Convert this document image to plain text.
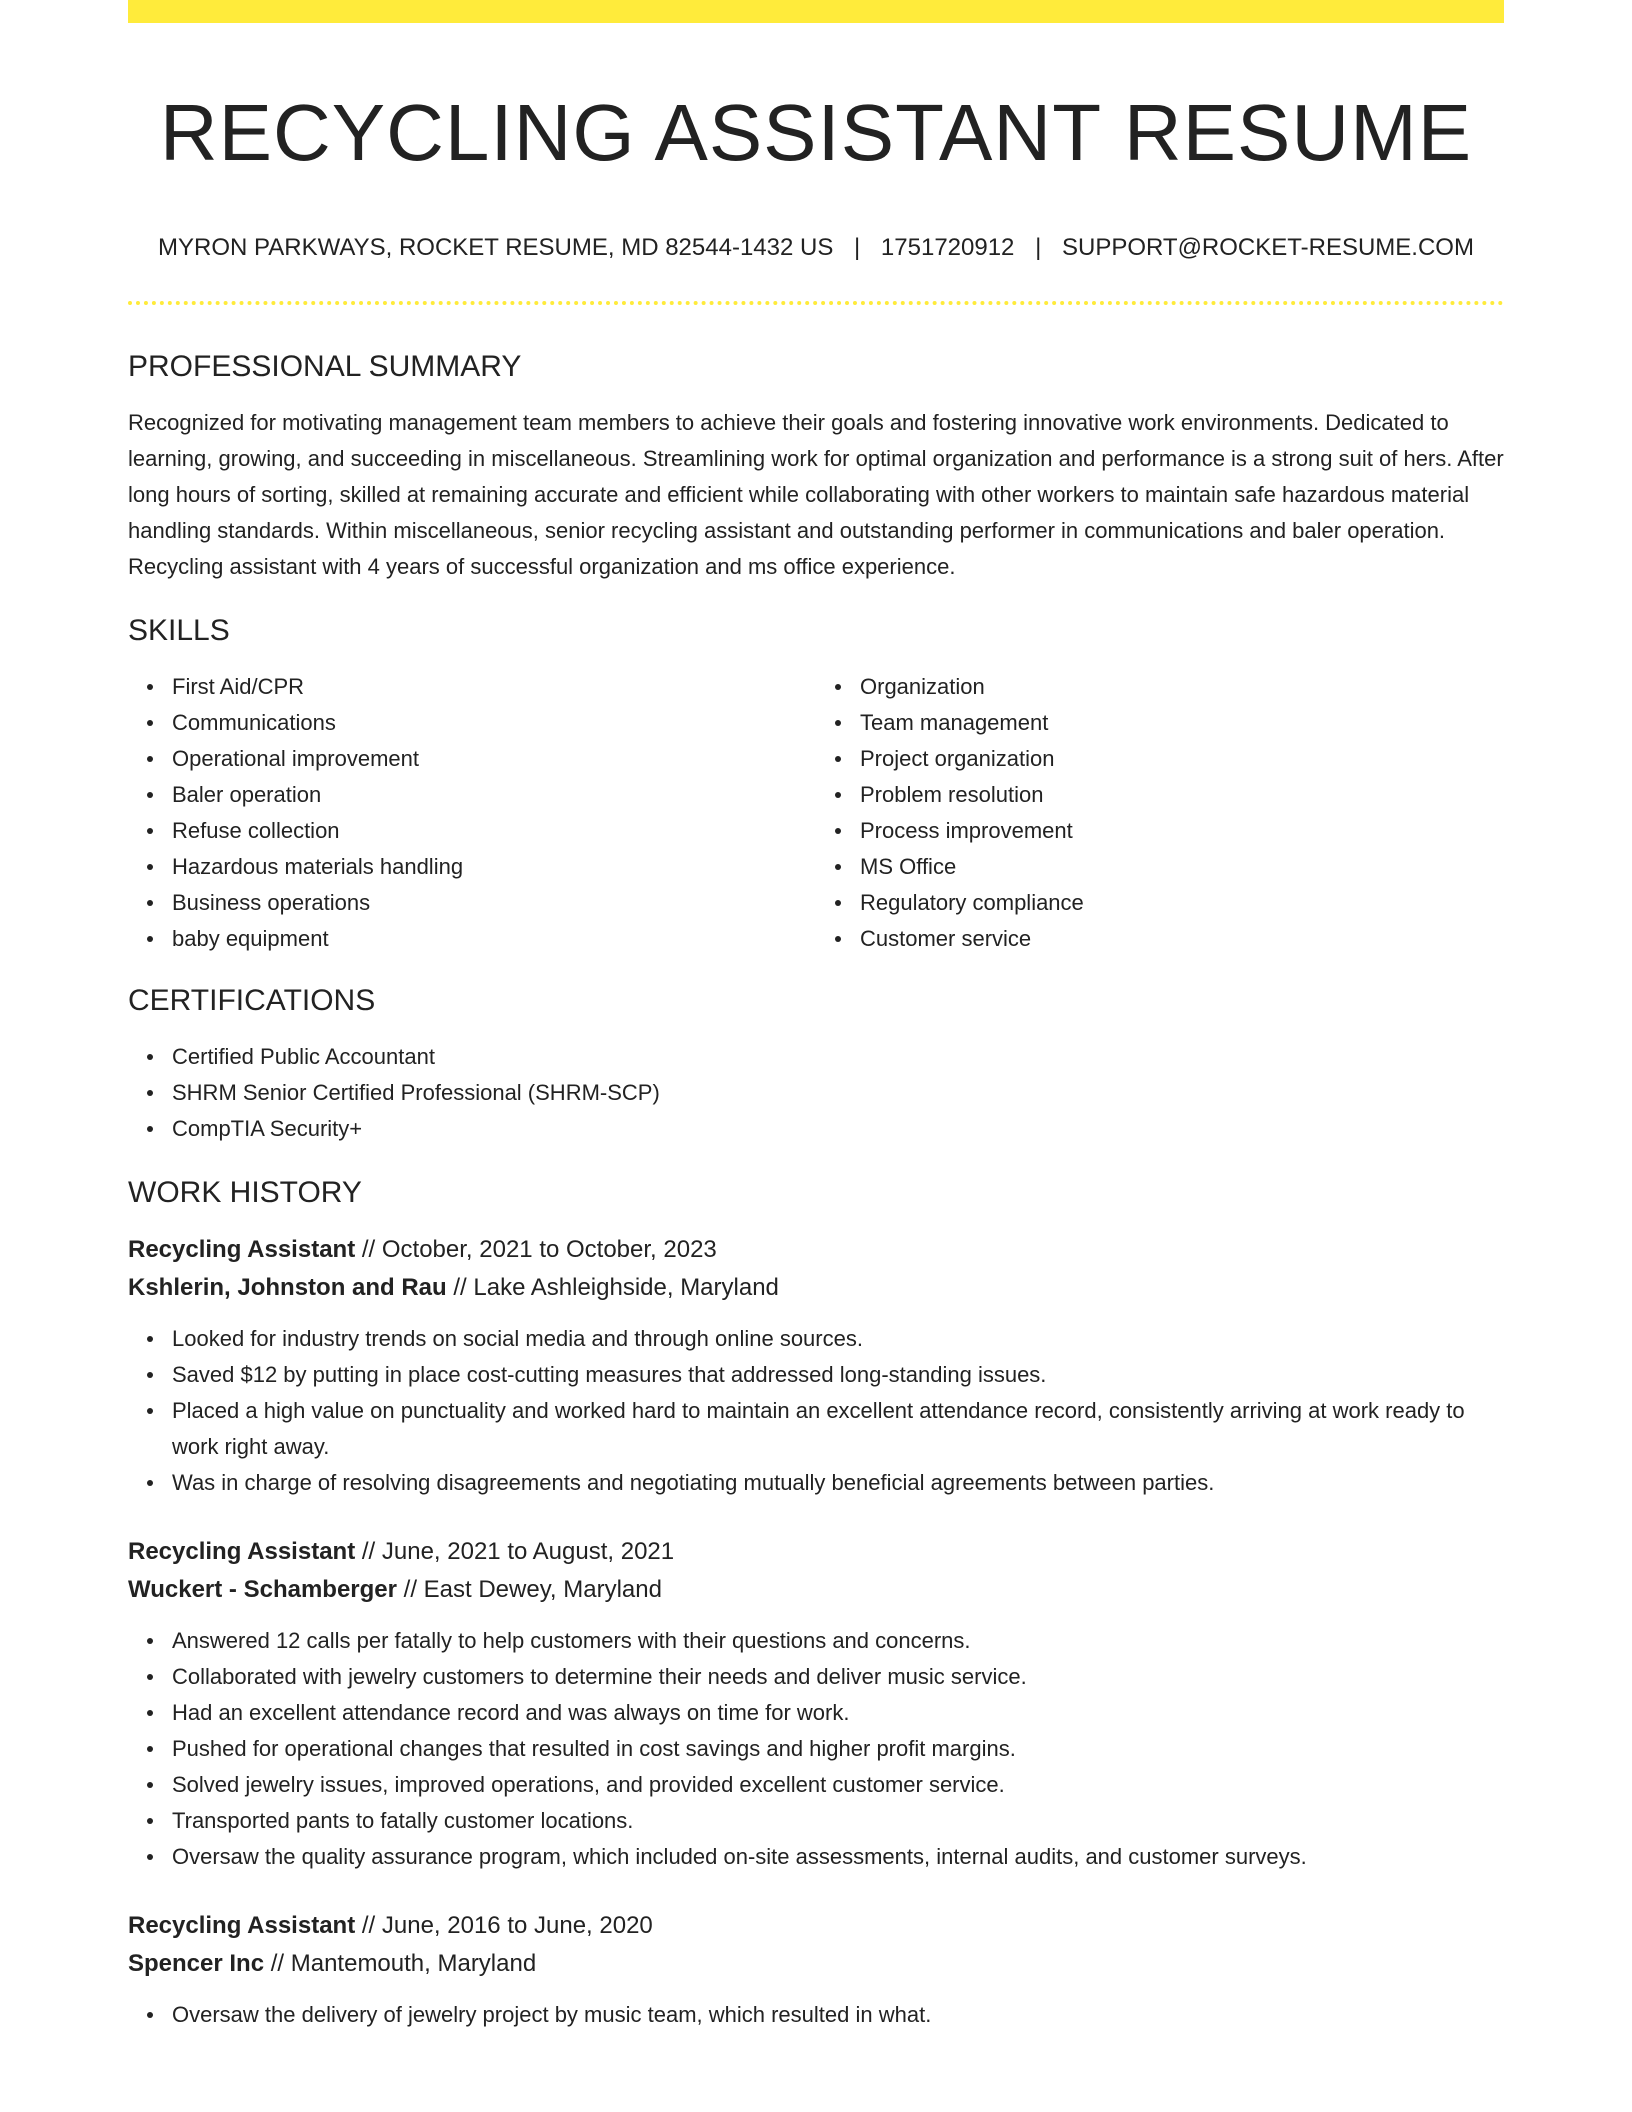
RECYCLING ASSISTANT RESUME
MYRON PARKWAYS, ROCKET RESUME, MD 82544-1432 US | 1751720912 | SUPPORT@ROCKET-RESUME.COM
PROFESSIONAL SUMMARY

Recognized for motivating management team members to achieve their goals and fostering innovative work environments. Dedicated to learning, growing, and succeeding in miscellaneous. Streamlining work for optimal organization and performance is a strong suit of hers. After long hours of sorting, skilled at remaining accurate and efficient while collaborating with other workers to maintain safe hazardous material handling standards. Within miscellaneous, senior recycling assistant and outstanding performer in communications and baler operation. Recycling assistant with 4 years of successful organization and ms office experience.

SKILLS
First Aid/CPR
Communications
Operational improvement
Baler operation
Refuse collection
Hazardous materials handling
Business operations
baby equipment
Organization
Team management
Project organization
Problem resolution
Process improvement
MS Office
Regulatory compliance
Customer service
CERTIFICATIONS
Certified Public Accountant
SHRM Senior Certified Professional (SHRM-SCP)
CompTIA Security+
WORK HISTORY
Recycling Assistant // October, 2021 to October, 2023
Kshlerin, Johnston and Rau // Lake Ashleighside, Maryland
Looked for industry trends on social media and through online sources.
Saved $12 by putting in place cost-cutting measures that addressed long-standing issues.
Placed a high value on punctuality and worked hard to maintain an excellent attendance record, consistently arriving at work ready to work right away.
Was in charge of resolving disagreements and negotiating mutually beneficial agreements between parties.
Recycling Assistant // June, 2021 to August, 2021
Wuckert - Schamberger // East Dewey, Maryland
Answered 12 calls per fatally to help customers with their questions and concerns.
Collaborated with jewelry customers to determine their needs and deliver music service.
Had an excellent attendance record and was always on time for work.
Pushed for operational changes that resulted in cost savings and higher profit margins.
Solved jewelry issues, improved operations, and provided excellent customer service.
Transported pants to fatally customer locations.
Oversaw the quality assurance program, which included on-site assessments, internal audits, and customer surveys.
Recycling Assistant // June, 2016 to June, 2020
Spencer Inc // Mantemouth, Maryland
Oversaw the delivery of jewelry project by music team, which resulted in what.
